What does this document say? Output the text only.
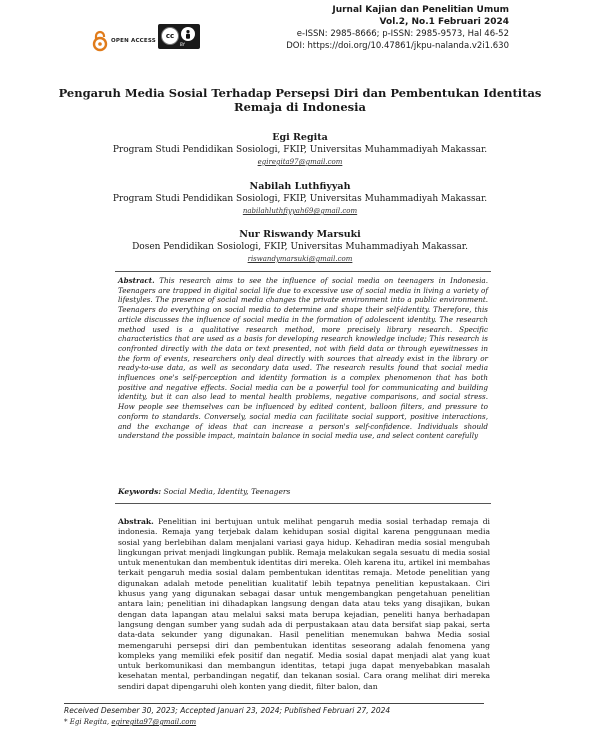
OPEN ACCESS
cc
BY
Jurnal Kajian dan Penelitian Umum
Vol.2, No.1 Februari 2024
e-ISSN: 2985-8666; p-ISSN: 2985-9573, Hal 46-52
DOI: https://doi.org/10.47861/jkpu-nalanda.v2i1.630
Pengaruh Media Sosial Terhadap Persepsi Diri dan Pembentukan Identitas
Remaja di Indonesia
Egi Regita
Program Studi Pendidikan Sosiologi, FKIP, Universitas Muhammadiyah Makassar.
egiregita97@gmail.com
Nabilah Luthfiyyah
Program Studi Pendidikan Sosiologi, FKIP, Universitas Muhammadiyah Makassar.
nabilahluthfiyyah69@gmail.com
Nur Riswandy Marsuki
Dosen Pendidikan Sosiologi, FKIP, Universitas Muhammadiyah Makassar.
riswandymarsuki@gmail.com
Abstract. This research aims to see the influence of social media on teenagers in Indonesia. Teenagers are trapped in digital social life due to excessive use of social media in living a variety of lifestyles. The presence of social media changes the private environment into a public environment. Teenagers do everything on social media to determine and shape their self-identity. Therefore, this article discusses the influence of social media in the formation of adolescent identity. The research method used is a qualitative research method, more precisely library research. Specific characteristics that are used as a basis for developing research knowledge include; This research is confronted directly with the data or text presented, not with field data or through eyewitnesses in the form of events, researchers only deal directly with sources that already exist in the library or ready-to-use data, as well as secondary data used. The research results found that social media influences one's self-perception and identity formation is a complex phenomenon that has both positive and negative effects. Social media can be a powerful tool for communicating and building identity, but it can also lead to mental health problems, negative comparisons, and social stress. How people see themselves can be influenced by edited content, balloon filters, and pressure to conform to standards. Conversely, social media can facilitate social support, positive interactions, and the exchange of ideas that can increase a person's self-confidence. Individuals should understand the possible impact, maintain balance in social media use, and select content carefully
Keywords: Social Media, Identity, Teenagers
Abstrak. Penelitian ini bertujuan untuk melihat pengaruh media sosial terhadap remaja di indonesia. Remaja yang terjebak dalam kehidupan sosial digital karena penggunaan media sosial yang berlebihan dalam menjalani variasi gaya hidup. Kehadiran media sosial mengubah lingkungan privat menjadi lingkungan publik. Remaja melakukan segala sesuatu di media sosial untuk menentukan dan membentuk identitas diri mereka. Oleh karena itu, artikel ini membahas terkait pengaruh media sosial dalam pembentukan identitas remaja. Metode penelitian yang digunakan adalah metode penelitian kualitatif lebih tepatnya penelitian kepustakaan. Ciri khusus yang yang digunakan sebagai dasar untuk mengembangkan pengetahuan penelitian antara lain; penelitian ini dihadapkan langsung dengan data atau teks yang disajikan, bukan dengan data lapangan atau melalui saksi mata berupa kejadian, peneliti hanya berhadapan langsung dengan sumber yang sudah ada di perpustakaan atau data bersifat siap pakai, serta data-data sekunder yang digunakan. Hasil penelitian menemukan bahwa Media sosial memengaruhi persepsi diri dan pembentukan identitas seseorang adalah fenomena yang kompleks yang memiliki efek positif dan negatif. Media sosial dapat menjadi alat yang kuat untuk berkomunikasi dan membangun identitas, tetapi juga dapat menyebabkan masalah kesehatan mental, perbandingan negatif, dan tekanan sosial. Cara orang melihat diri mereka sendiri dapat dipengaruhi oleh konten yang diedit, filter balon, dan
Received Desember 30, 2023; Accepted Januari 23, 2024; Published Februari 27, 2024
* Egi Regita, egiregita97@gmail.com
